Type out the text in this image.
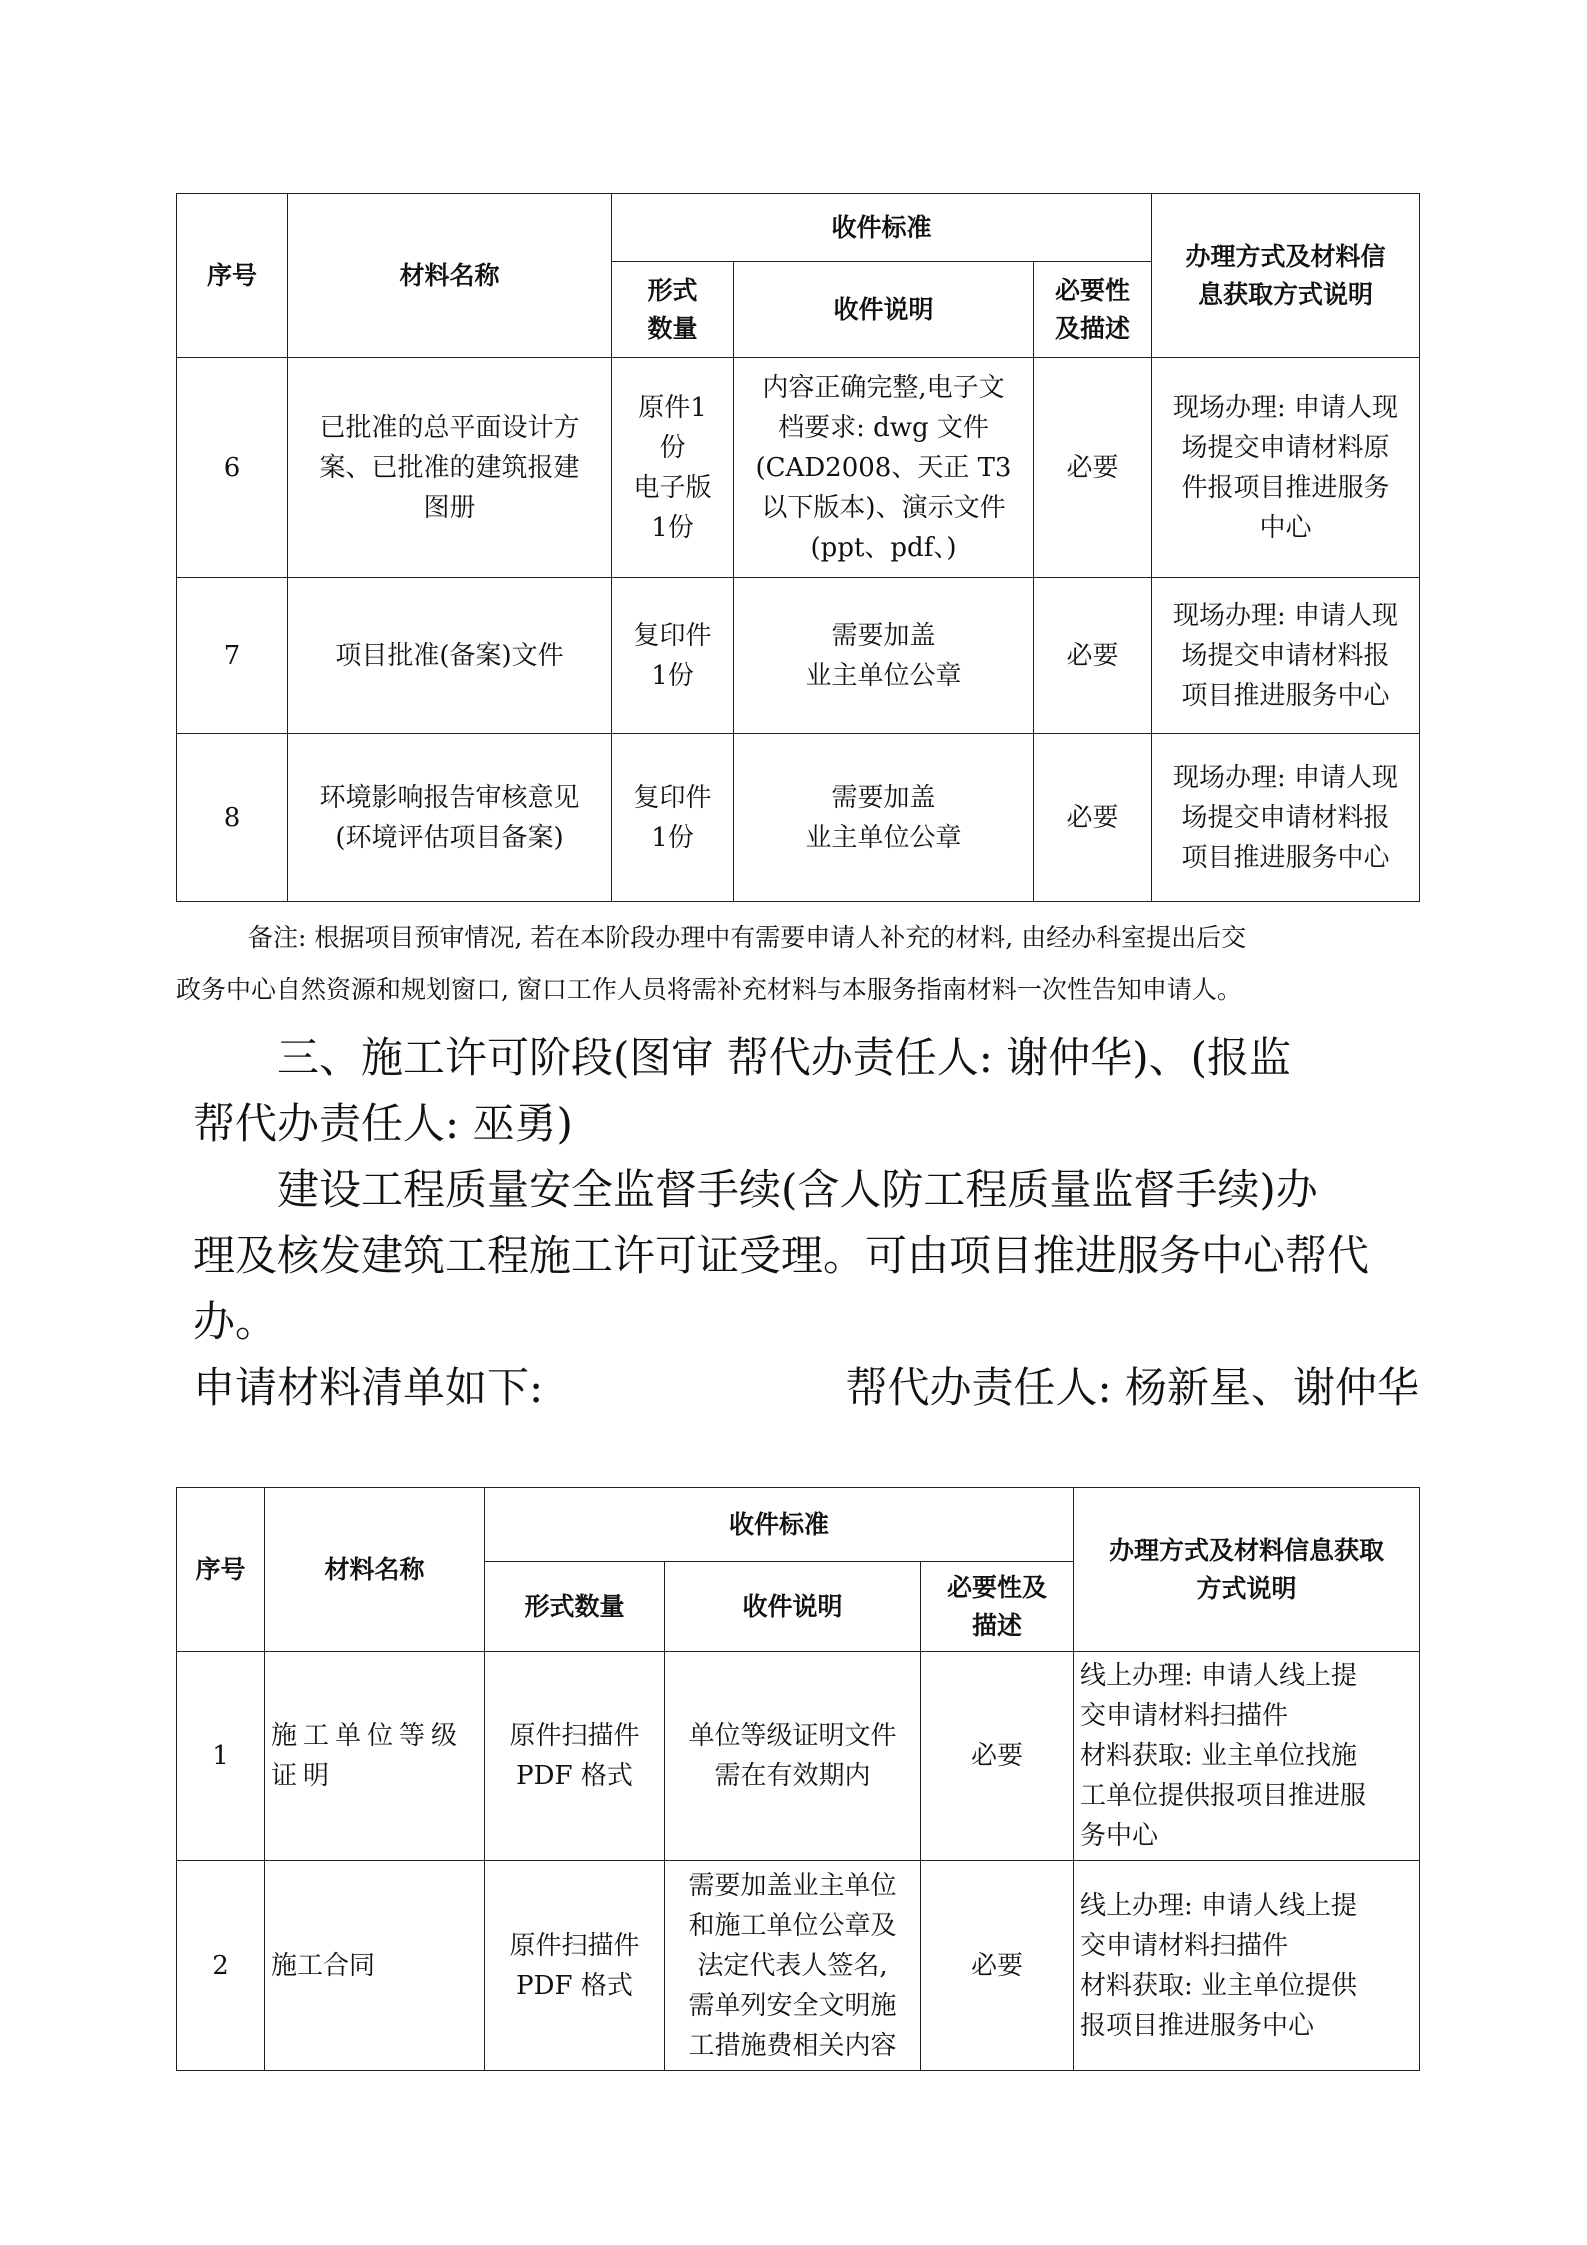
序号	材料名称	收件标准			办理方式及材料信
息获取方式说明
		形式
数量	收件说明	必要性
及描述	
6	已批准的总平面设计方
案、已批准的建筑报建
图册	原件1
份
电子版
1份	内容正确完整,电子文
档要求: dwg 文件
(CAD2008、天正 T3
以下版本)、演示文件
(ppt、pdf、)	必要	现场办理: 申请人现
场提交申请材料原
件报项目推进服务
中心
7	项目批准(备案)文件	复印件
1份	需要加盖
业主单位公章	必要	现场办理: 申请人现
场提交申请材料报
项目推进服务中心
8	环境影响报告审核意见
(环境评估项目备案)	复印件
1份	需要加盖
业主单位公章	必要	现场办理: 申请人现
场提交申请材料报
项目推进服务中心

备注: 根据项目预审情况, 若在本阶段办理中有需要申请人补充的材料, 由经办科室提出后交

政务中心自然资源和规划窗口, 窗口工作人员将需补充材料与本服务指南材料一次性告知申请人。

三、施工许可阶段(图审 帮代办责任人: 谢仲华)、(报监

帮代办责任人: 巫勇)

建设工程质量安全监督手续(含人防工程质量监督手续)办

理及核发建筑工程施工许可证受理。可由项目推进服务中心帮代

办。

申请材料清单如下:	帮代办责任人: 杨新星、谢仲华

序号	材料名称	收件标准			办理方式及材料信息获取
方式说明
		形式数量	收件说明	必要性及
描述	
1	施工单位等级
证明	原件扫描件
PDF 格式	单位等级证明文件
需在有效期内	必要	线上办理: 申请人线上提
交申请材料扫描件
材料获取: 业主单位找施
工单位提供报项目推进服
务中心
2	施工合同	原件扫描件
PDF 格式	需要加盖业主单位
和施工单位公章及
法定代表人签名,
需单列安全文明施
工措施费相关内容	必要	线上办理: 申请人线上提
交申请材料扫描件
材料获取: 业主单位提供
报项目推进服务中心
